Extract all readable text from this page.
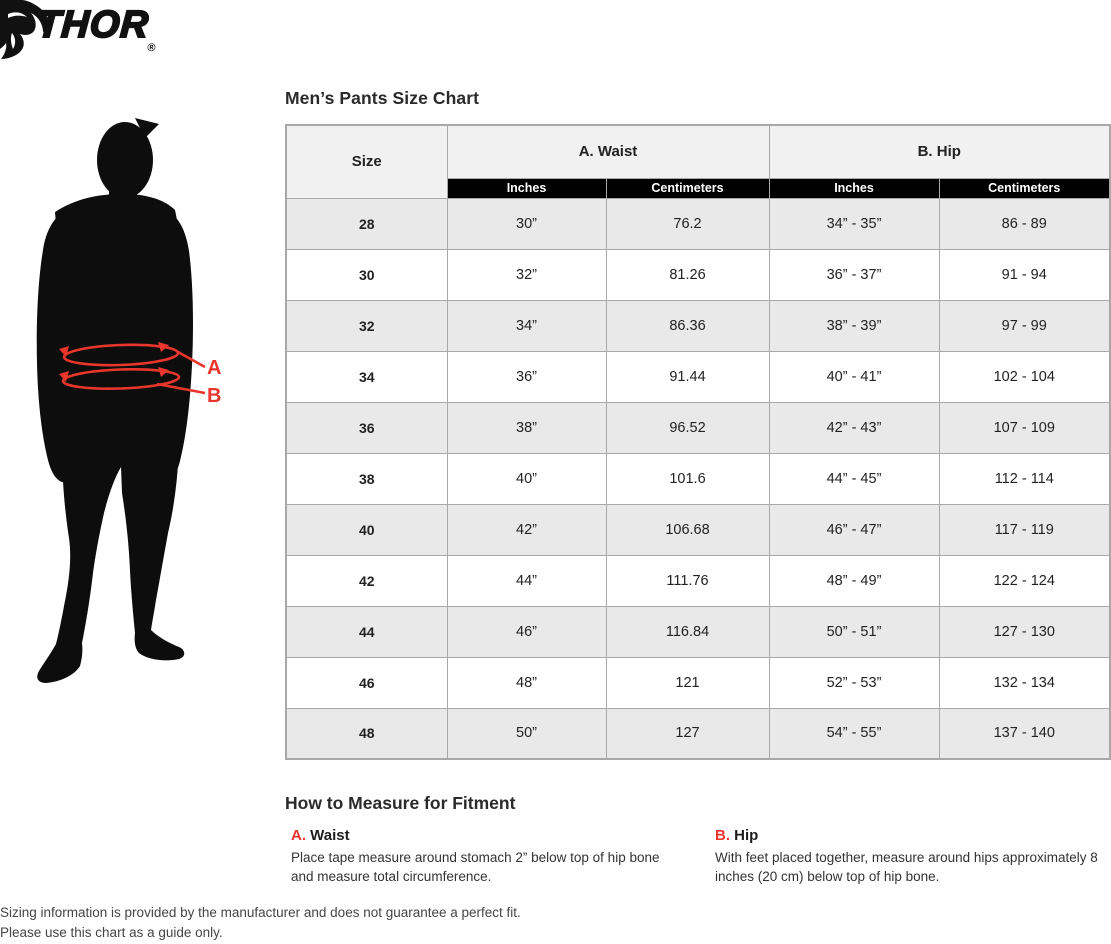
$THOR_®$
A
B
Men’s Pants Size Chart
Size	A. Waist		B. Hip	
	Inches	Centimeters	Inches	Centimeters
28	30”	76.2	34” - 35”	86 - 89
30	32”	81.26	36” - 37”	91 - 94
32	34”	86.36	38” - 39”	97 - 99
34	36”	91.44	40” - 41”	102 - 104
36	38”	96.52	42” - 43”	107 - 109
38	40”	101.6	44” - 45”	112 - 114
40	42”	106.68	46” - 47”	117 - 119
42	44”	111.76	48” - 49”	122 - 124
44	46”	116.84	50” - 51”	127 - 130
46	48”	121	52” - 53”	132 - 134
48	50”	127	54” - 55”	137 - 140
How to Measure for Fitment
A. Waist
Place tape measure around stomach 2” below top of hip bone and measure total circumference.
B. Hip
With feet placed together, measure around hips approximately 8 inches (20 cm) below top of hip bone.
Sizing information is provided by the manufacturer and does not guarantee a perfect fit.
Please use this chart as a guide only.
